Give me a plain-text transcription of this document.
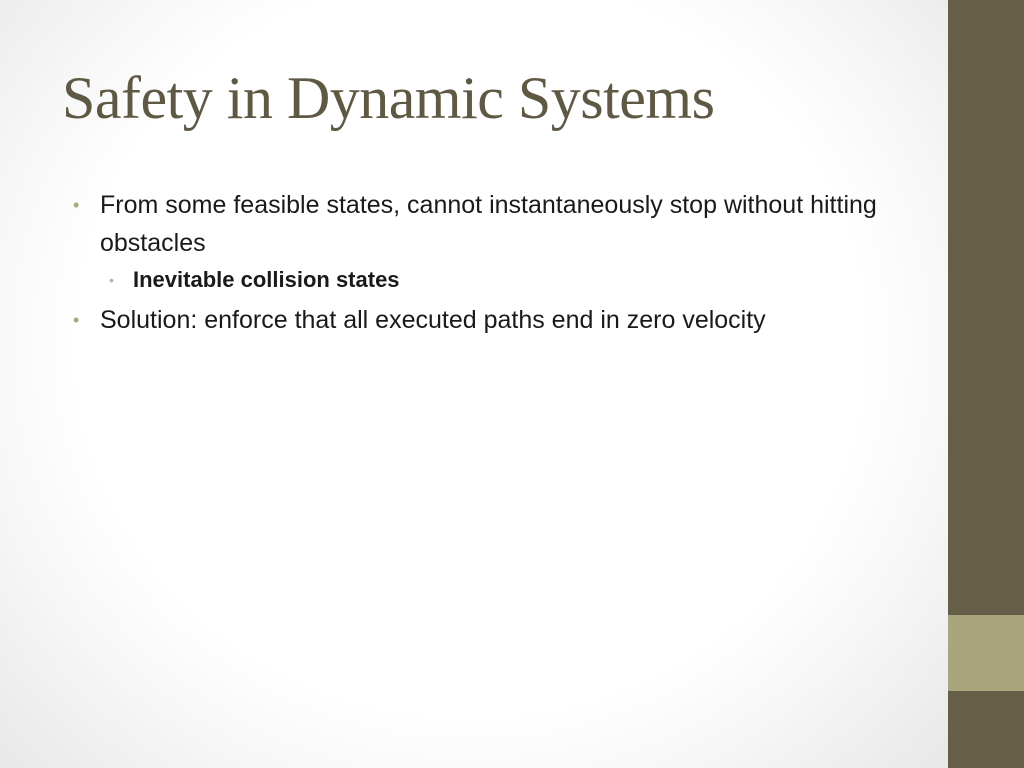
Safety in Dynamic Systems
• From some feasible states, cannot instantaneously stop without hitting obstacles
• Inevitable collision states
• Solution: enforce that all executed paths end in zero velocity
